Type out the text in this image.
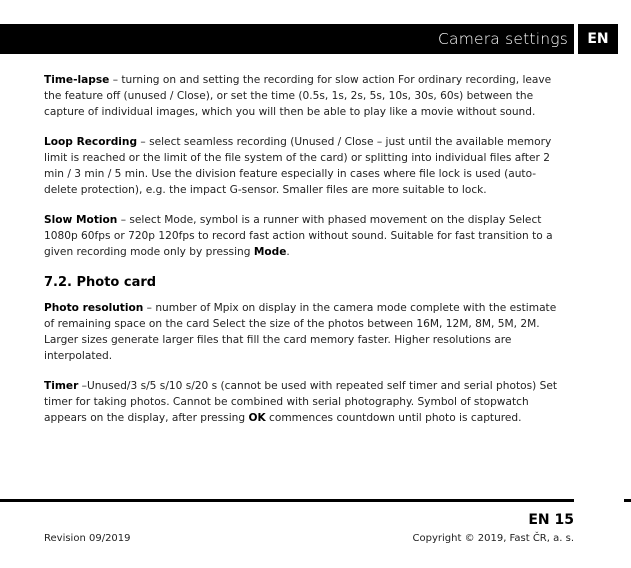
Camera settings	EN

Time-lapse – turning on and setting the recording for slow action For ordinary recording, leave the feature off (unused / Close), or set the time (0.5s, 1s, 2s, 5s, 10s, 30s, 60s) between the capture of individual images, which you will then be able to play like a movie without sound.

Loop Recording – select seamless recording (Unused / Close – just until the available memory limit is reached or the limit of the file system of the card) or splitting into individual files after 2 min / 3 min / 5 min. Use the division feature especially in cases where file lock is used (auto-delete protection), e.g. the impact G-sensor. Smaller files are more suitable to lock.

Slow Motion – select Mode, symbol is a runner with phased movement on the display Select 1080p 60fps or 720p 120fps to record fast action without sound. Suitable for fast transition to a given recording mode only by pressing Mode.

7.2. Photo card

Photo resolution – number of Mpix on display in the camera mode complete with the estimate of remaining space on the card Select the size of the photos between 16M, 12M, 8M, 5M, 2M. Larger sizes generate larger files that fill the card memory faster. Higher resolutions are interpolated.

Timer –Unused/3 s/5 s/10 s/20 s (cannot be used with repeated self timer and serial photos) Set timer for taking photos. Cannot be combined with serial photography. Symbol of stopwatch appears on the display, after pressing OK commences countdown until photo is captured.

EN 15
Revision 09/2019	Copyright © 2019, Fast ČR, a. s.
